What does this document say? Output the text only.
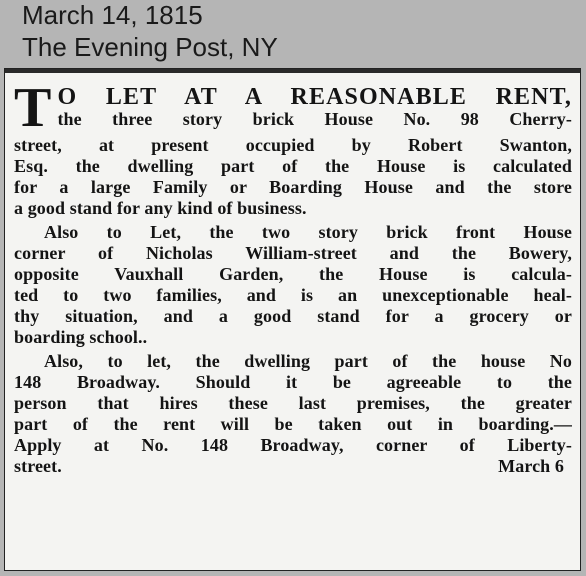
March 14, 1815
The Evening Post, NY
T O LET AT A REASONABLE RENT,
the three story brick House No. 98 Cherry-
street, at present occupied by Robert Swanton,
Esq. the dwelling part of the House is calculated
for a large Family or Boarding House and the store
a good stand for any kind of business.
Also to Let, the two story brick front House
corner of Nicholas William-street and the Bowery,
opposite Vauxhall Garden, the House is calcula-
ted to two families, and is an unexceptionable heal-
thy situation, and a good stand for a grocery or
boarding school..
Also, to let, the dwelling part of the house No
148 Broadway. Should it be agreeable to the
person that hires these last premises, the greater
part of the rent will be taken out in boarding.—
Apply at No. 148 Broadway, corner of Liberty-
street.	March 6
